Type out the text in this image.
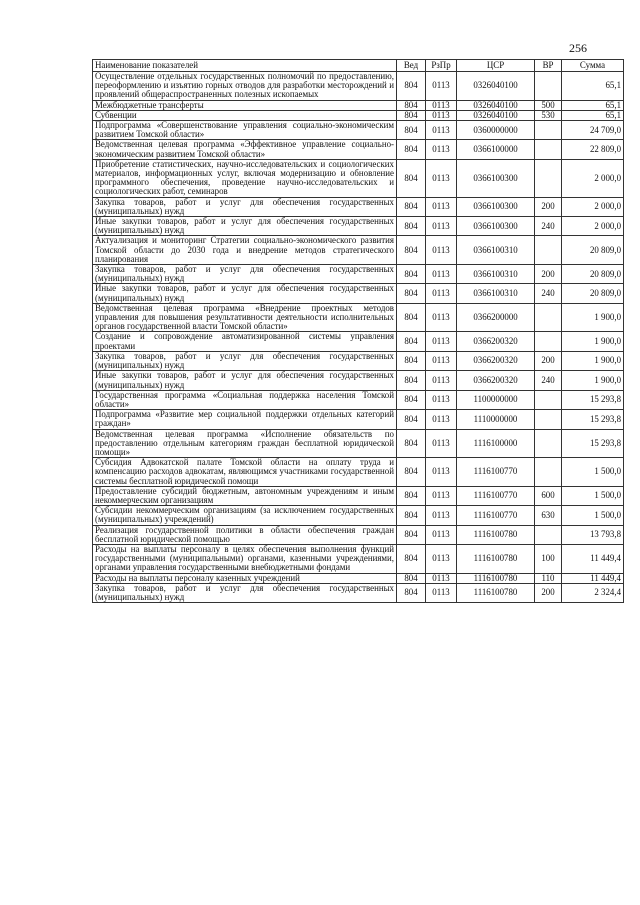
256
Наименование показателей	Вед	РзПр	ЦСР	ВР	Сумма
Осуществление отдельных государственных полномочий по предоставлению, переоформлению и изъятию горных отводов для разработки месторождений и проявлений общераспространенных полезных ископаемых	804	0113	0326040100		65,1
Межбюджетные трансферты	804	0113	0326040100	500	65,1
Субвенции	804	0113	0326040100	530	65,1
Подпрограмма «Совершенствование управления социально-экономическим развитием Томской области»	804	0113	0360000000		24 709,0
Ведомственная целевая программа «Эффективное управление социально-экономическим развитием Томской области»	804	0113	0366100000		22 809,0
Приобретение статистических, научно-исследовательских и социологических материалов, информационных услуг, включая модернизацию и обновление программного обеспечения, проведение научно-исследовательских и социологических работ, семинаров	804	0113	0366100300		2 000,0
Закупка товаров, работ и услуг для обеспечения государственных (муниципальных) нужд	804	0113	0366100300	200	2 000,0
Иные закупки товаров, работ и услуг для обеспечения государственных (муниципальных) нужд	804	0113	0366100300	240	2 000,0
Актуализация и мониторинг Стратегии социально-экономического развития Томской области до 2030 года и внедрение методов стратегического планирования	804	0113	0366100310		20 809,0
Закупка товаров, работ и услуг для обеспечения государственных (муниципальных) нужд	804	0113	0366100310	200	20 809,0
Иные закупки товаров, работ и услуг для обеспечения государственных (муниципальных) нужд	804	0113	0366100310	240	20 809,0
Ведомственная целевая программа «Внедрение проектных методов управления для повышения результативности деятельности исполнительных органов государственной власти Томской области»	804	0113	0366200000		1 900,0
Создание и сопровождение автоматизированной системы управления проектами	804	0113	0366200320		1 900,0
Закупка товаров, работ и услуг для обеспечения государственных (муниципальных) нужд	804	0113	0366200320	200	1 900,0
Иные закупки товаров, работ и услуг для обеспечения государственных (муниципальных) нужд	804	0113	0366200320	240	1 900,0
Государственная программа «Социальная поддержка населения Томской области»	804	0113	1100000000		15 293,8
Подпрограмма «Развитие мер социальной поддержки отдельных категорий граждан»	804	0113	1110000000		15 293,8
Ведомственная целевая программа «Исполнение обязательств по предоставлению отдельным категориям граждан бесплатной юридической помощи»	804	0113	1116100000		15 293,8
Субсидия Адвокатской палате Томской области на оплату труда и компенсацию расходов адвокатам, являющимся участниками государственной системы бесплатной юридической помощи	804	0113	1116100770		1 500,0
Предоставление субсидий бюджетным, автономным учреждениям и иным некоммерческим организациям	804	0113	1116100770	600	1 500,0
Субсидии некоммерческим организациям (за исключением государственных (муниципальных) учреждений)	804	0113	1116100770	630	1 500,0
Реализация государственной политики в области обеспечения граждан бесплатной юридической помощью	804	0113	1116100780		13 793,8
Расходы на выплаты персоналу в целях обеспечения выполнения функций государственными (муниципальными) органами, казенными учреждениями, органами управления государственными внебюджетными фондами	804	0113	1116100780	100	11 449,4
Расходы на выплаты персоналу казенных учреждений	804	0113	1116100780	110	11 449,4
Закупка товаров, работ и услуг для обеспечения государственных (муниципальных) нужд	804	0113	1116100780	200	2 324,4
